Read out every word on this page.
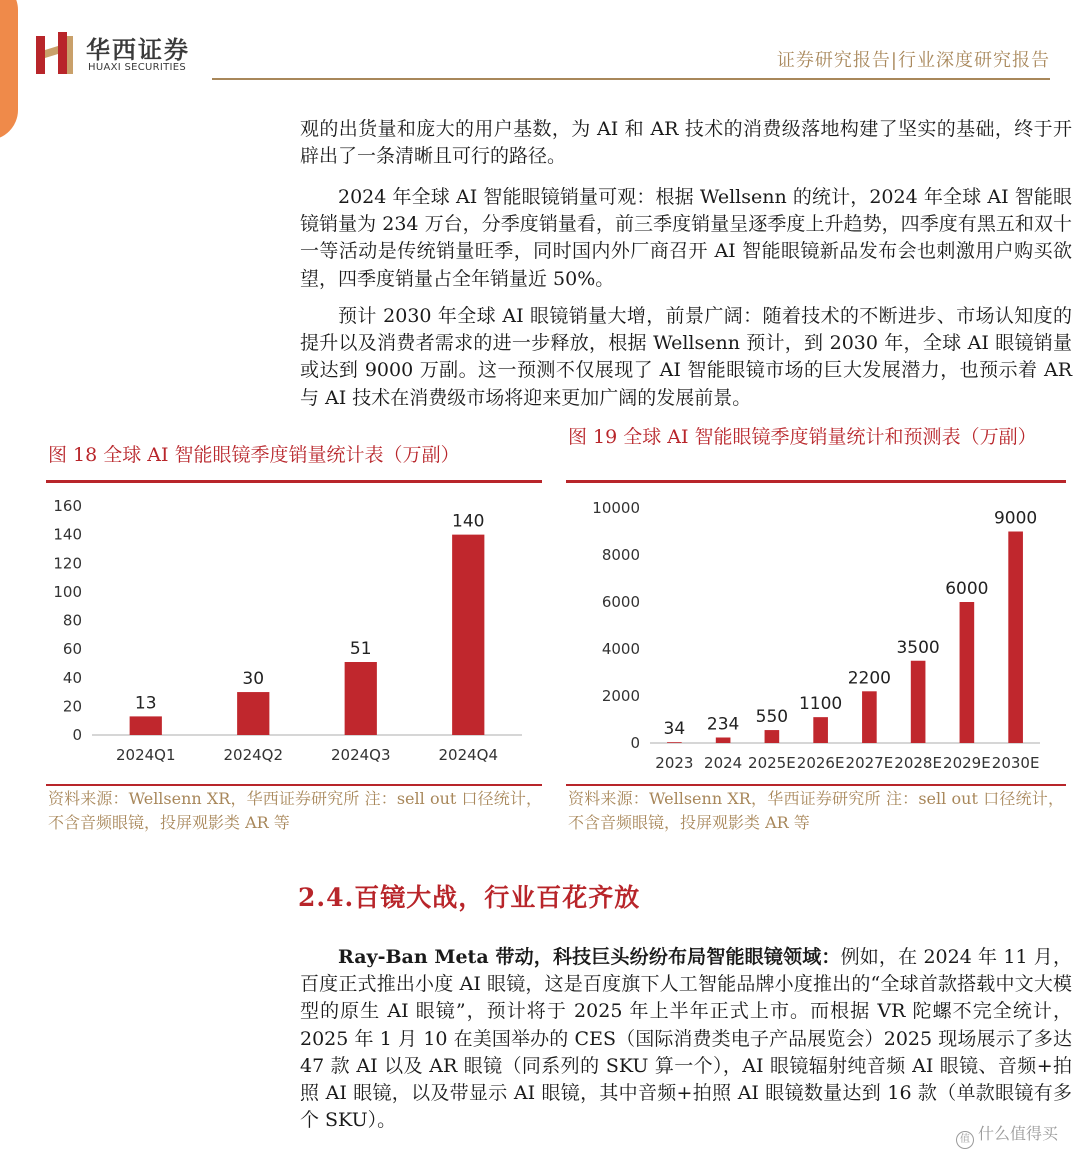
华西证券
HUAXI SECURITIES	证券研究报告|行业深度研究报告
观的出货量和庞大的用户基数，为 AI 和 AR 技术的消费级落地构建了坚实的基础，终于开辟出了一条清晰且可行的路径。
2024 年全球 AI 智能眼镜销量可观：根据 Wellsenn 的统计，2024 年全球 AI 智能眼镜销量为 234 万台，分季度销量看，前三季度销量呈逐季度上升趋势，四季度有黑五和双十一等活动是传统销量旺季，同时国内外厂商召开 AI 智能眼镜新品发布会也刺激用户购买欲望，四季度销量占全年销量近 50%。
预计 2030 年全球 AI 眼镜销量大增，前景广阔：随着技术的不断进步、市场认知度的提升以及消费者需求的进一步释放，根据 Wellsenn 预计，到 2030 年，全球 AI 眼镜销量或达到 9000 万副。这一预测不仅展现了 AI 智能眼镜市场的巨大发展潜力，也预示着 AR 与 AI 技术在消费级市场将迎来更加广阔的发展前景。
图 18 全球 AI 智能眼镜季度销量统计表（万副）
图 19 全球 AI 智能眼镜季度销量统计和预测表（万副）
0
20
40
60
80
100
120
140
160
13
2024Q1
30
2024Q2
51
2024Q3
140
2024Q4
0
2000
4000
6000
8000
10000
34
2023
234
2024
550
2025E
1100
2026E
2200
2027E
3500
2028E
6000
2029E
9000
2030E
资料来源：Wellsenn XR，华西证券研究所 注：sell out 口径统计，不含音频眼镜，投屏观影类 AR 等
资料来源：Wellsenn XR，华西证券研究所 注：sell out 口径统计，不含音频眼镜，投屏观影类 AR 等
2.4.百镜大战，行业百花齐放
Ray-Ban Meta 带动，科技巨头纷纷布局智能眼镜领域：例如，在 2024 年 11 月，百度正式推出小度 AI 眼镜，这是百度旗下人工智能品牌小度推出的“全球首款搭载中文大模型的原生 AI 眼镜”，预计将于 2025 年上半年正式上市。而根据 VR 陀螺不完全统计，2025 年 1 月 10 在美国举办的 CES（国际消费类电子产品展览会）2025 现场展示了多达 47 款 AI 以及 AR 眼镜（同系列的 SKU 算一个），AI 眼镜辐射纯音频 AI 眼镜、音频+拍照 AI 眼镜，以及带显示 AI 眼镜，其中音频+拍照 AI 眼镜数量达到 16 款（单款眼镜有多个 SKU）。
值 什么值得买
